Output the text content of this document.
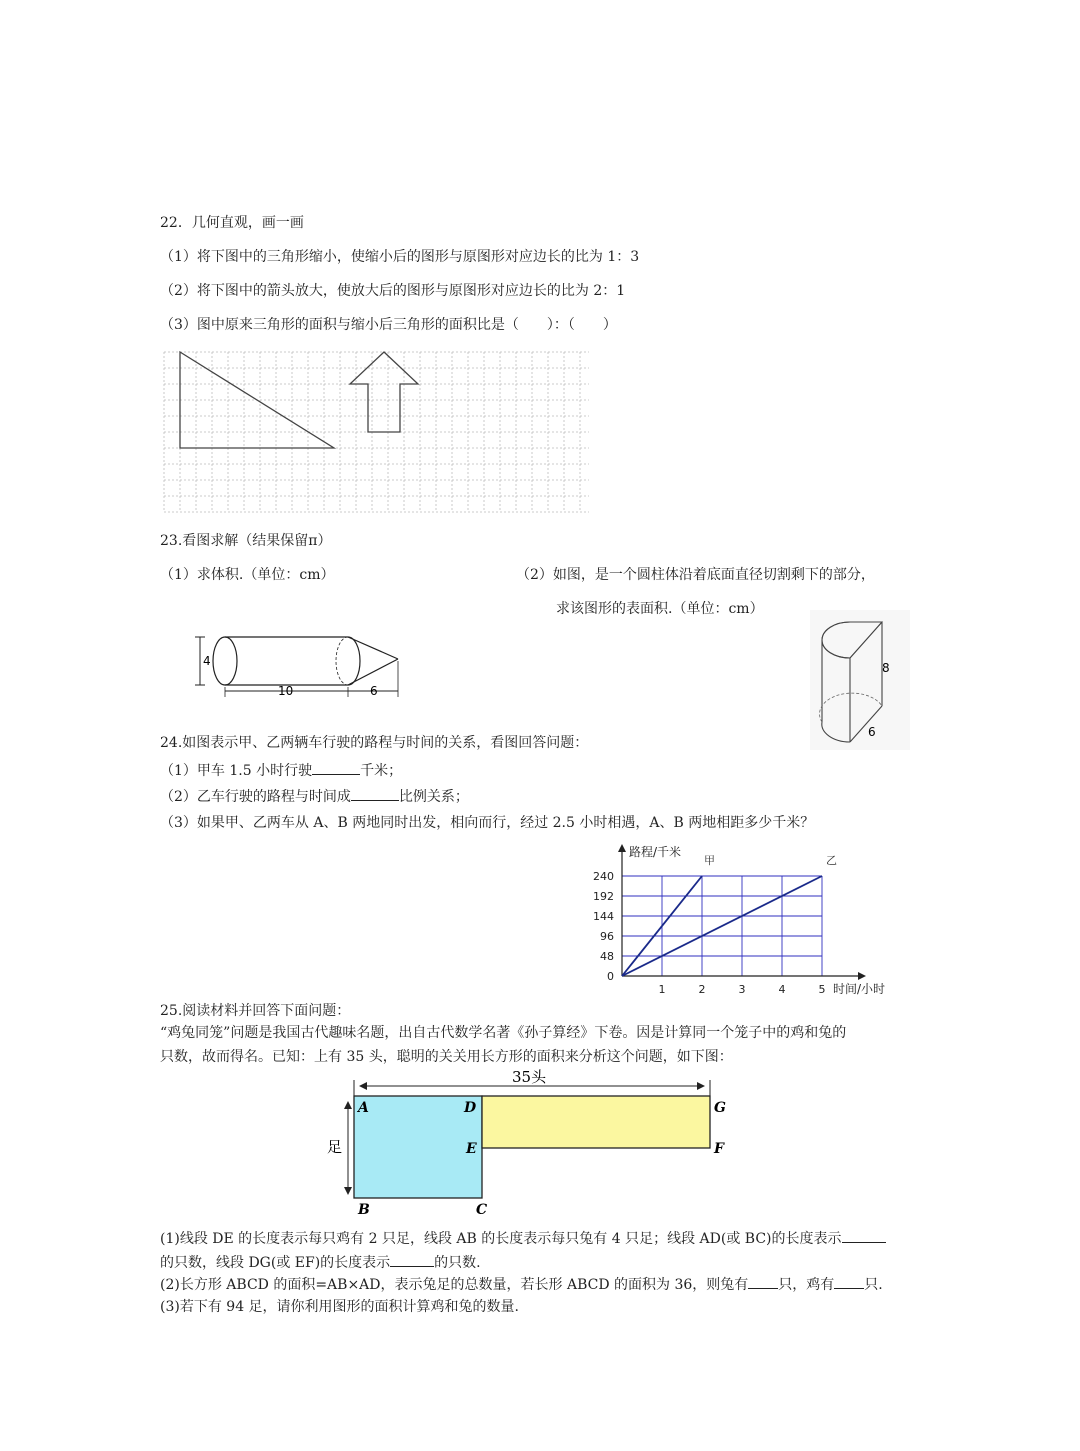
22．几何直观，画一画
（1）将下图中的三角形缩小，使缩小后的图形与原图形对应边长的比为 1：3
（2）将下图中的箭头放大，使放大后的图形与原图形对应边长的比为 2：1
（3）图中原来三角形的面积与缩小后三角形的面积比是（　　）：（　　）
23.看图求解（结果保留π）
（1）求体积.（单位：cm）	（2）如图，是一个圆柱体沿着底面直径切割剩下的部分，
求该图形的表面积.（单位：cm）
4
10	6
8
6
24.如图表示甲、乙两辆车行驶的路程与时间的关系，看图回答问题：
（1）甲车 1.5 小时行驶	千米；
（2）乙车行驶的路程与时间成	比例关系；
（3）如果甲、乙两车从 A、B 两地同时出发，相向而行，经过 2.5 小时相遇，A、B 两地相距多少千米？
甲	乙
0
48
96
144
192
240
1	2	3	4	5
路程/千米
时间/小时
25.阅读材料并回答下面问题：
“鸡兔同笼”问题是我国古代趣味名题，出自古代数学名著《孙子算经》下卷。因是计算同一个笼子中的鸡和兔的
只数，故而得名。已知：上有 35 头，聪明的关关用长方形的面积来分析这个问题，如下图：
35头
足
A	D	G
E	F
B	C
(1)线段 DE 的长度表示每只鸡有 2 只足，线段 AB 的长度表示每只兔有 4 只足；线段 AD(或 BC)的长度表示
的只数，线段 DG(或 EF)的长度表示	的只数.
(2)长方形 ABCD 的面积=AB×AD，表示兔足的总数量，若长形 ABCD 的面积为 36，则兔有 只，鸡有 只.
(3)若下有 94 足，请你利用图形的面积计算鸡和兔的数量.
